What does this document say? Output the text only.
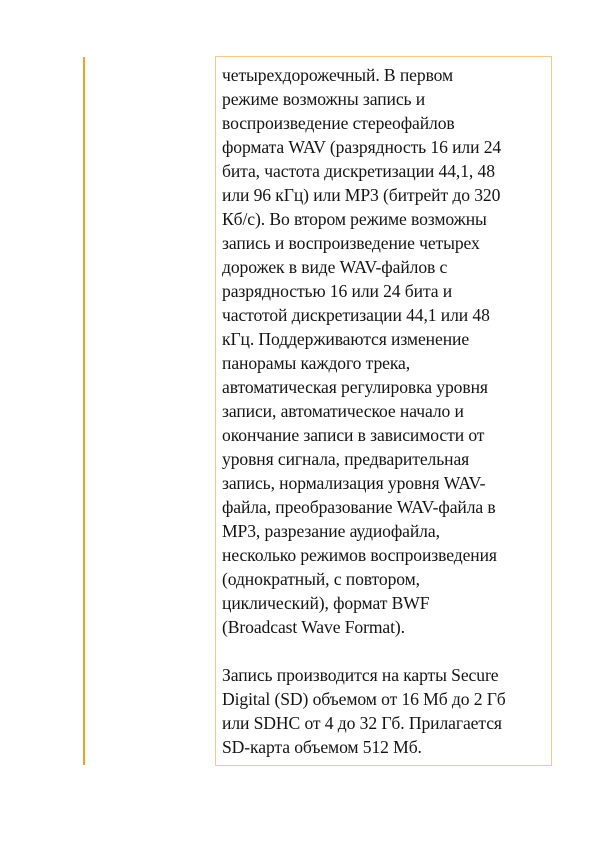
четырехдорожечный. В первом
режиме возможны запись и
воспроизведение стереофайлов
формата WAV (разрядность 16 или 24
бита, частота дискретизации 44,1, 48
или 96 кГц) или MP3 (битрейт до 320
Кб/с). Во втором режиме возможны
запись и воспроизведение четырех
дорожек в виде WAV-файлов с
разрядностью 16 или 24 бита и
частотой дискретизации 44,1 или 48
кГц. Поддерживаются изменение
панорамы каждого трека,
автоматическая регулировка уровня
записи, автоматическое начало и
окончание записи в зависимости от
уровня сигнала, предварительная
запись, нормализация уровня WAV-
файла, преобразование WAV-файла в
MP3, разрезание аудиофайла,
несколько режимов воспроизведения
(однократный, с повтором,
циклический), формат BWF
(Broadcast Wave Format).

Запись производится на карты Secure
Digital (SD) объемом от 16 Мб до 2 Гб
или SDHC от 4 до 32 Гб. Прилагается
SD-карта объемом 512 Мб.
